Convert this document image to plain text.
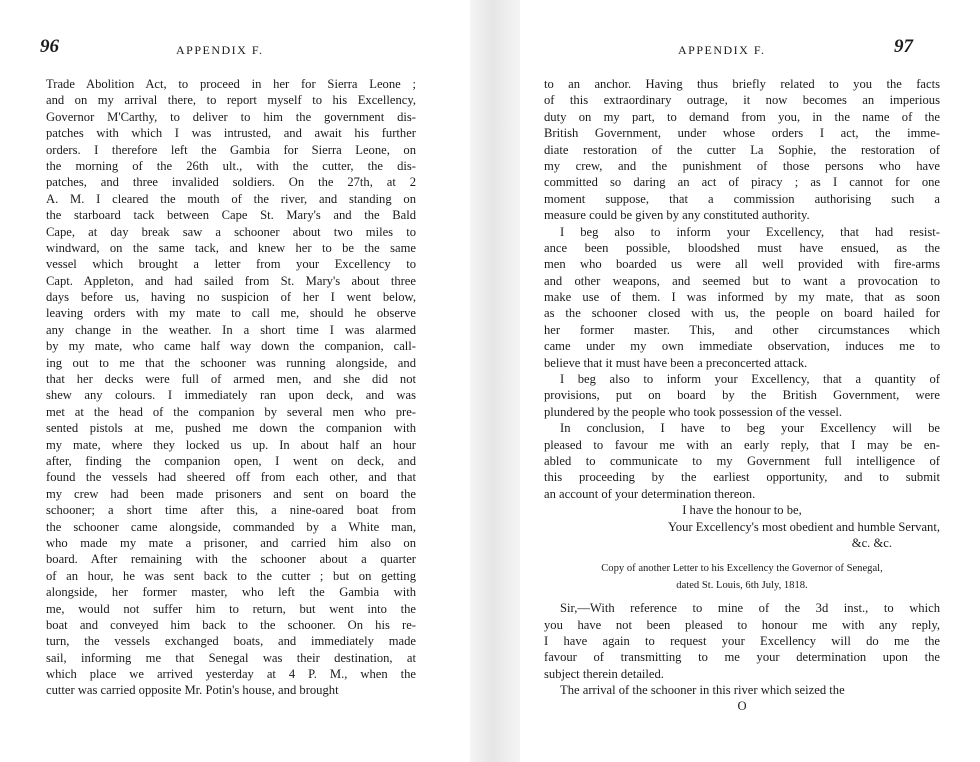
96	APPENDIX F.
Trade Abolition Act, to proceed in her for Sierra Leone ;
and on my arrival there, to report myself to his Excellency,
Governor M'Carthy, to deliver to him the government dis-
patches with which I was intrusted, and await his further
orders. I therefore left the Gambia for Sierra Leone, on
the morning of the 26th ult., with the cutter, the dis-
patches, and three invalided soldiers. On the 27th, at 2
A. M. I cleared the mouth of the river, and standing on
the starboard tack between Cape St. Mary's and the Bald
Cape, at day break saw a schooner about two miles to
windward, on the same tack, and knew her to be the same
vessel which brought a letter from your Excellency to
Capt. Appleton, and had sailed from St. Mary's about three
days before us, having no suspicion of her I went below,
leaving orders with my mate to call me, should he observe
any change in the weather. In a short time I was alarmed
by my mate, who came half way down the companion, call-
ing out to me that the schooner was running alongside, and
that her decks were full of armed men, and she did not
shew any colours. I immediately ran upon deck, and was
met at the head of the companion by several men who pre-
sented pistols at me, pushed me down the companion with
my mate, where they locked us up. In about half an hour
after, finding the companion open, I went on deck, and
found the vessels had sheered off from each other, and that
my crew had been made prisoners and sent on board the
schooner; a short time after this, a nine-oared boat from
the schooner came alongside, commanded by a White man,
who made my mate a prisoner, and carried him also on
board. After remaining with the schooner about a quarter
of an hour, he was sent back to the cutter ; but on getting
alongside, her former master, who left the Gambia with
me, would not suffer him to return, but went into the
boat and conveyed him back to the schooner. On his re-
turn, the vessels exchanged boats, and immediately made
sail, informing me that Senegal was their destination, at
which place we arrived yesterday at 4 P. M., when the
cutter was carried opposite Mr. Potin's house, and brought
APPENDIX F.	97
to an anchor. Having thus briefly related to you the facts
of this extraordinary outrage, it now becomes an imperious
duty on my part, to demand from you, in the name of the
British Government, under whose orders I act, the imme-
diate restoration of the cutter La Sophie, the restoration of
my crew, and the punishment of those persons who have
committed so daring an act of piracy ; as I cannot for one
moment suppose, that a commission authorising such a
measure could be given by any constituted authority.
I beg also to inform your Excellency, that had resist-
ance been possible, bloodshed must have ensued, as the
men who boarded us were all well provided with fire-arms
and other weapons, and seemed but to want a provocation to
make use of them. I was informed by my mate, that as soon
as the schooner closed with us, the people on board hailed for
her former master. This, and other circumstances which
came under my own immediate observation, induces me to
believe that it must have been a preconcerted attack.
I beg also to inform your Excellency, that a quantity of
provisions, put on board by the British Government, were
plundered by the people who took possession of the vessel.
In conclusion, I have to beg your Excellency will be
pleased to favour me with an early reply, that I may be en-
abled to communicate to my Government full intelligence of
this proceeding by the earliest opportunity, and to submit
an account of your determination thereon.
I have the honour to be,
Your Excellency's most obedient and humble Servant,
&c. &c.
Copy of another Letter to his Excellency the Governor of Senegal,
dated St. Louis, 6th July, 1818.
Sir,—With reference to mine of the 3d inst., to which
you have not been pleased to honour me with any reply,
I have again to request your Excellency will do me the
favour of transmitting to me your determination upon the
subject therein detailed.
The arrival of the schooner in this river which seized the
O
